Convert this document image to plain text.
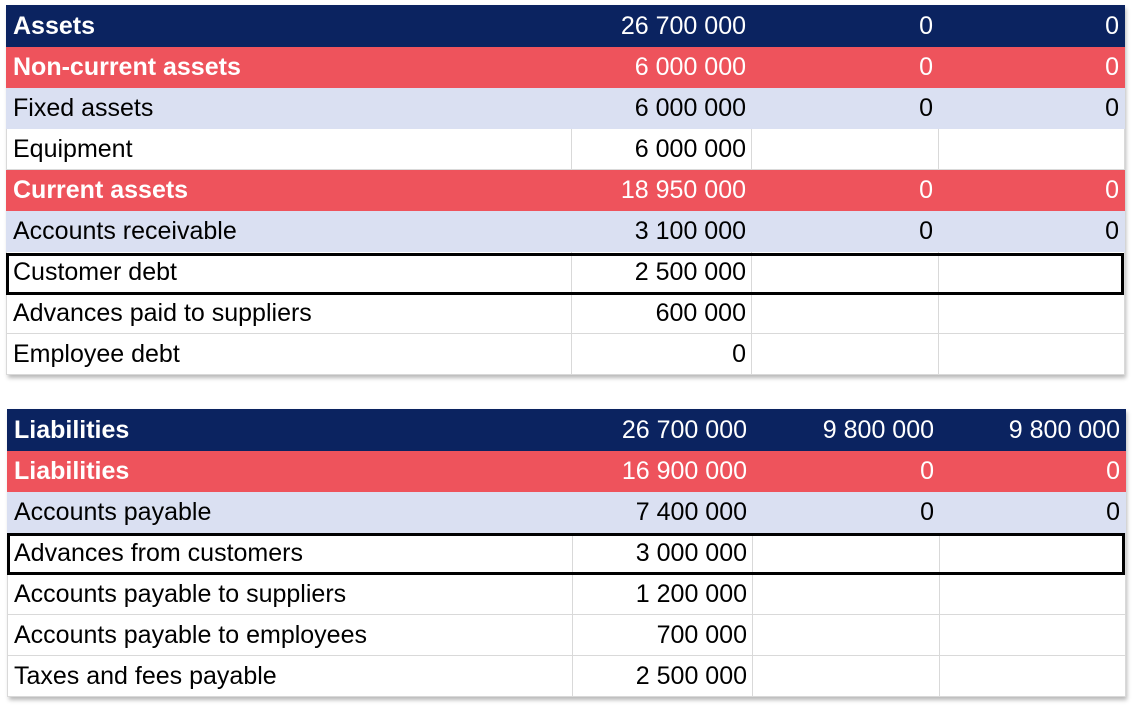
Assets	26 700 000	0	0
Non-current assets	6 000 000	0	0
Fixed assets	6 000 000	0	0
Equipment	6 000 000		
Current assets	18 950 000	0	0
Accounts receivable	3 100 000	0	0
Customer debt	2 500 000		
Advances paid to suppliers	600 000		
Employee debt	0		
Liabilities	26 700 000	9 800 000	9 800 000
Liabilities	16 900 000	0	0
Accounts payable	7 400 000	0	0
Advances from customers	3 000 000		
Accounts payable to suppliers	1 200 000		
Accounts payable to employees	700 000		
Taxes and fees payable	2 500 000		
